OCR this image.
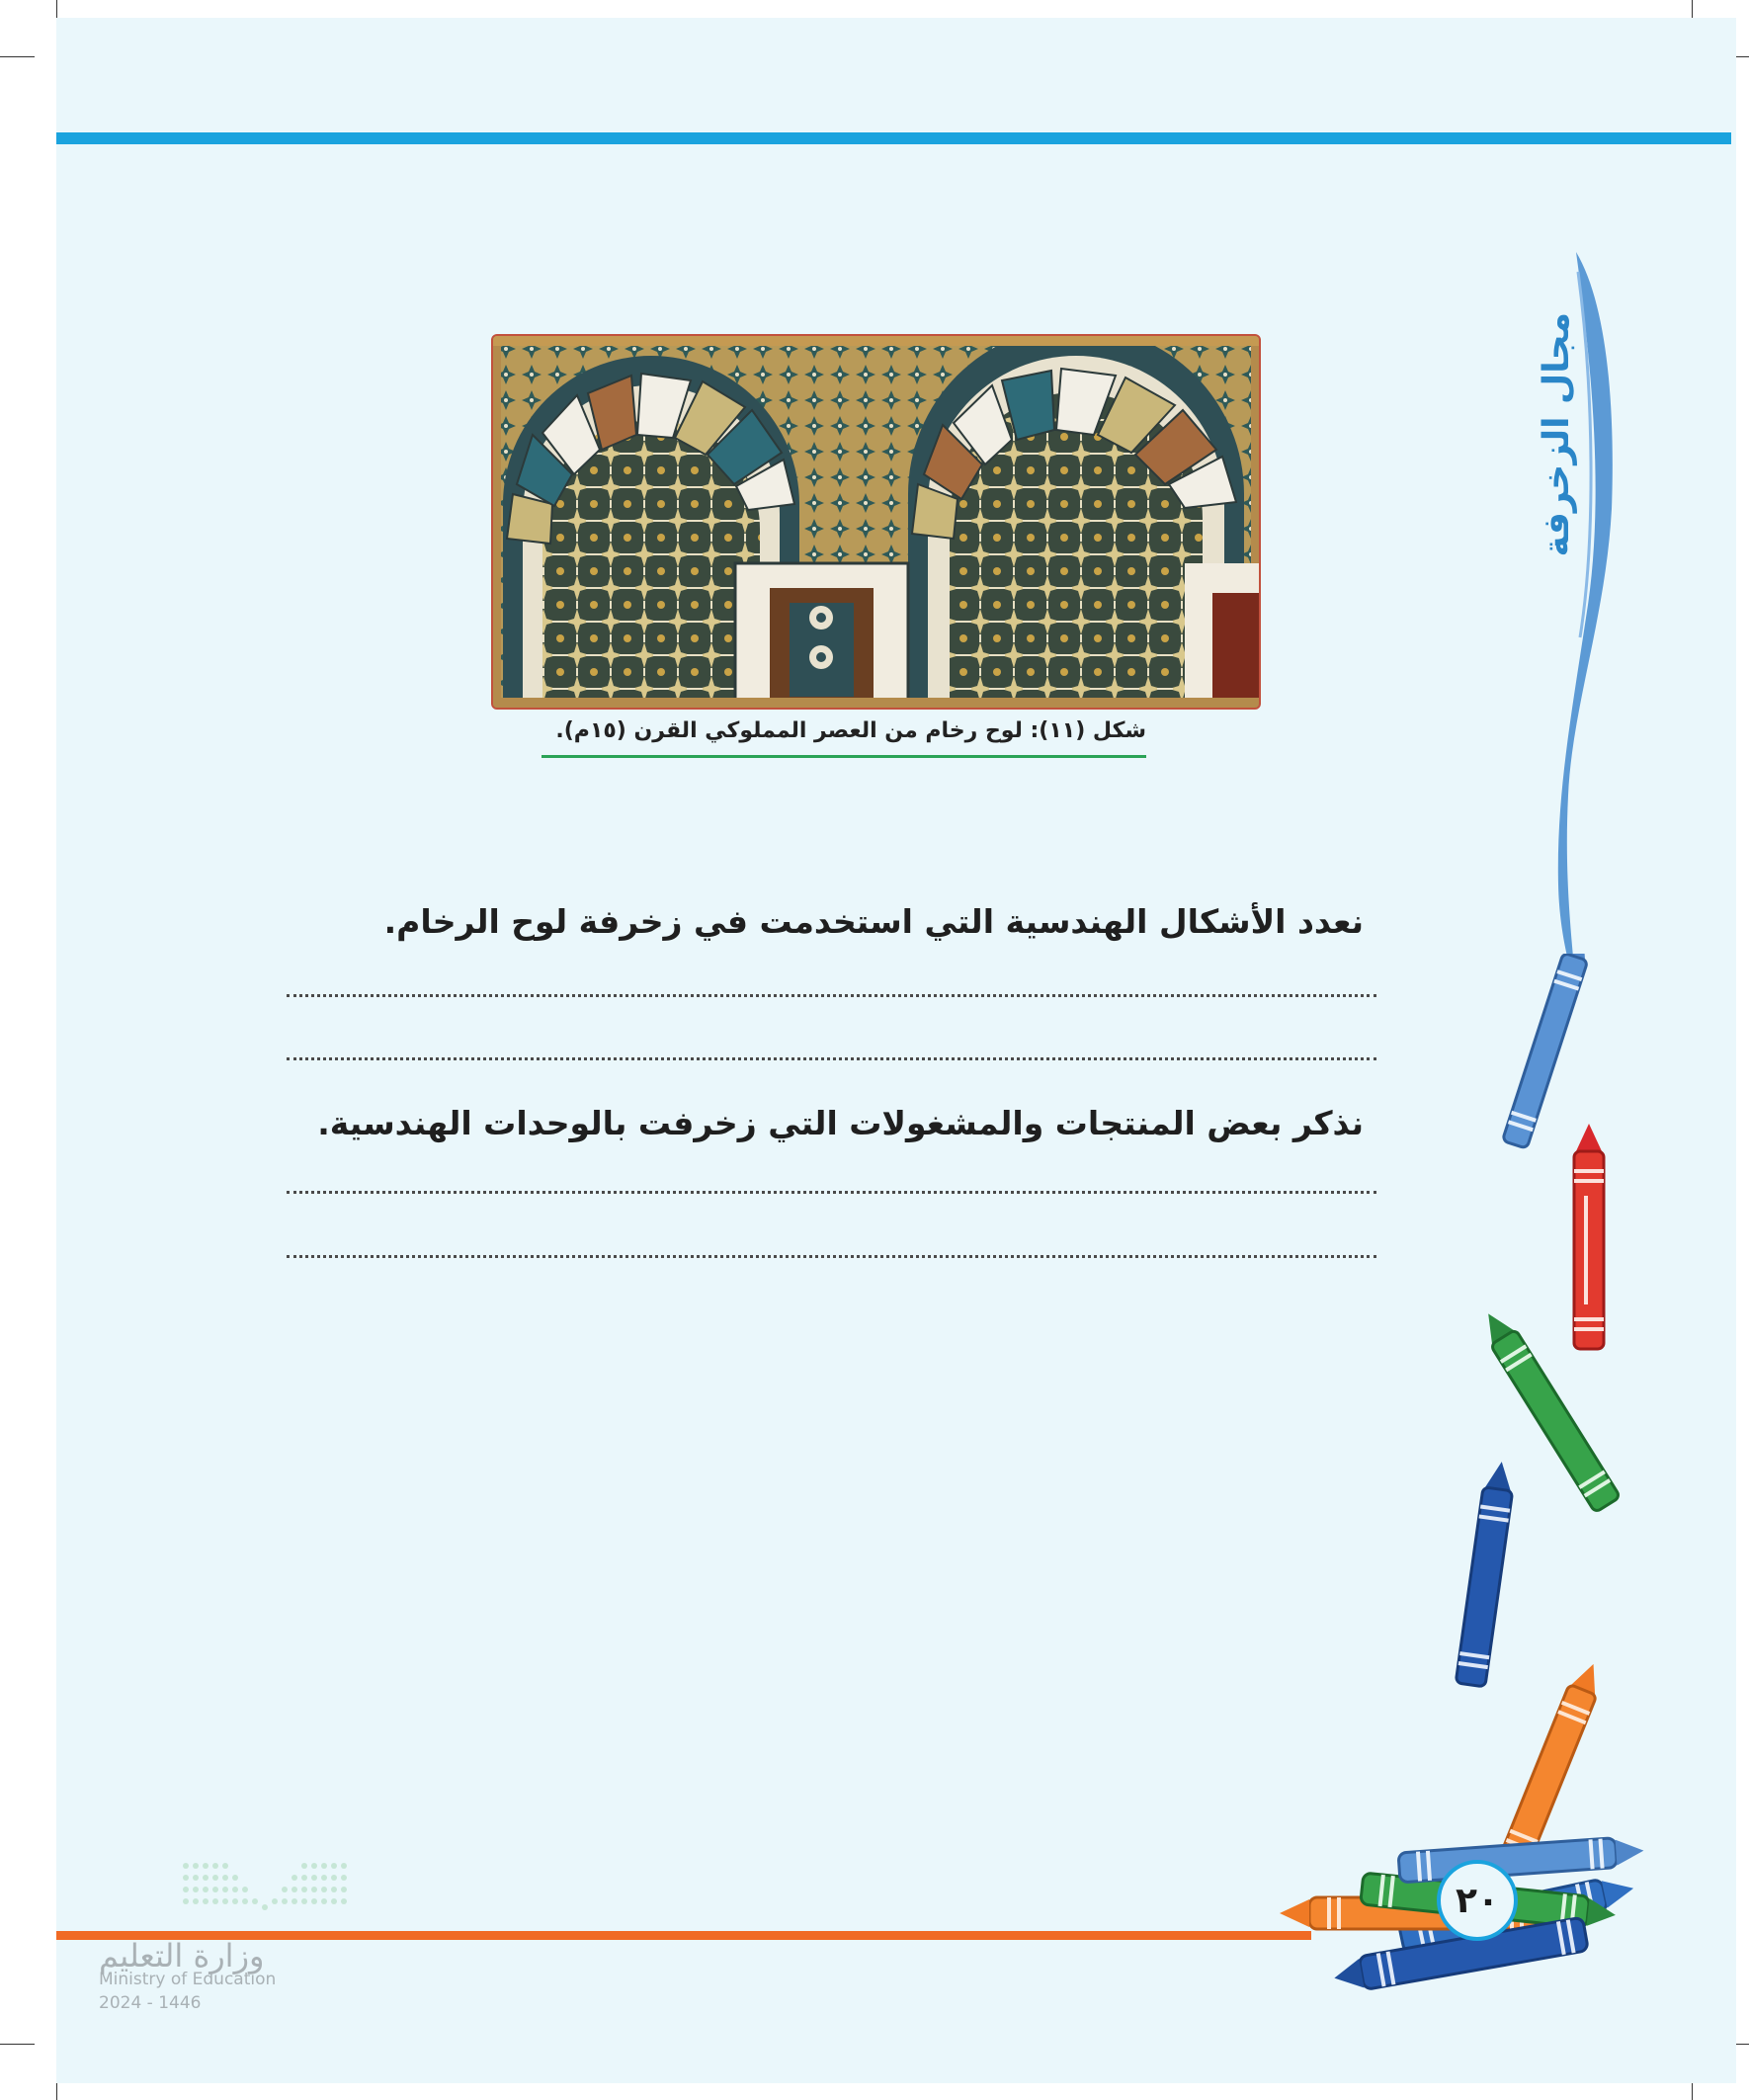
مجال الزخرفة
شكل (١١): لوح رخام من العصر المملوكي القرن (١٥م).
نعدد الأشكال الهندسية التي استخدمت في زخرفة لوح الرخام.
نذكر بعض المنتجات والمشغولات التي زخرفت بالوحدات الهندسية.
٢٠
وزارة التعليم
Ministry of Education
2024 - 1446
